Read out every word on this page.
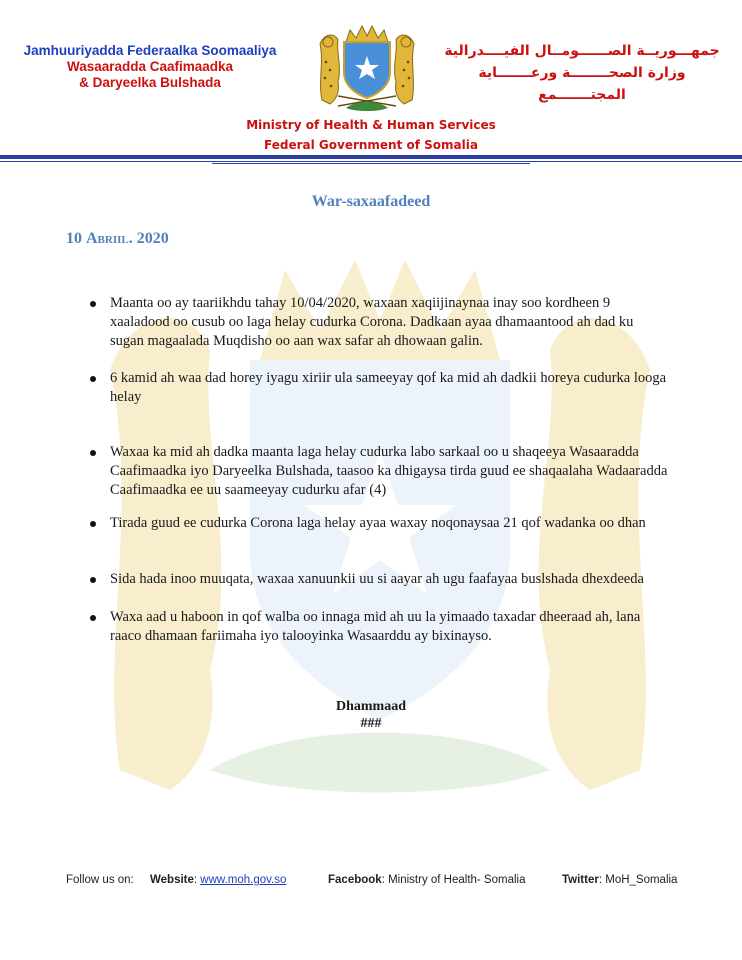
Jamhuuriyadda Federaalka Soomaaliya
Wasaaradda Caafimaadka
& Daryeelka Bulshada
جمهـــوريــة الصــــــومــال الفيــــدرالية
وزارة الصحــــــــة ورعـــــــاية
المجتـــــــمع
Ministry of Health & Human Services
Federal Government of Somalia
War-saxaafadeed
10 Abriil. 2020
Maanta oo ay taariikhdu tahay 10/04/2020, waxaan xaqiijinaynaa inay soo kordheen 9 xaaladood oo cusub oo laga helay cudurka Corona. Dadkaan ayaa dhamaantood ah dad ku sugan magaalada Muqdisho oo aan wax safar ah dhowaan galin.
6 kamid ah waa dad horey iyagu xiriir ula sameeyay qof ka mid ah dadkii horeya cudurka looga helay
Waxaa ka mid ah dadka maanta laga helay cudurka labo sarkaal oo u shaqeeya Wasaaradda Caafimaadka iyo Daryeelka Bulshada, taasoo ka dhigaysa tirda guud ee shaqaalaha Wadaaradda Caafimaadka ee uu saameeyay cudurku afar (4)
Tirada guud ee cudurka Corona laga helay ayaa waxay noqonaysaa 21 qof wadanka oo dhan
Sida hada inoo muuqata, waxaa xanuunkii uu si aayar ah ugu faafayaa buslshada dhexdeeda
Waxa aad u haboon in qof walba oo innaga mid ah uu la yimaado taxadar dheeraad ah, lana raaco dhamaan fariimaha iyo talooyinka Wasaarddu ay bixinayso.
Dhammaad
###
Follow us on: Website: www.moh.gov.so	Facebook: Ministry of Health- Somalia	Twitter: MoH_Somalia
